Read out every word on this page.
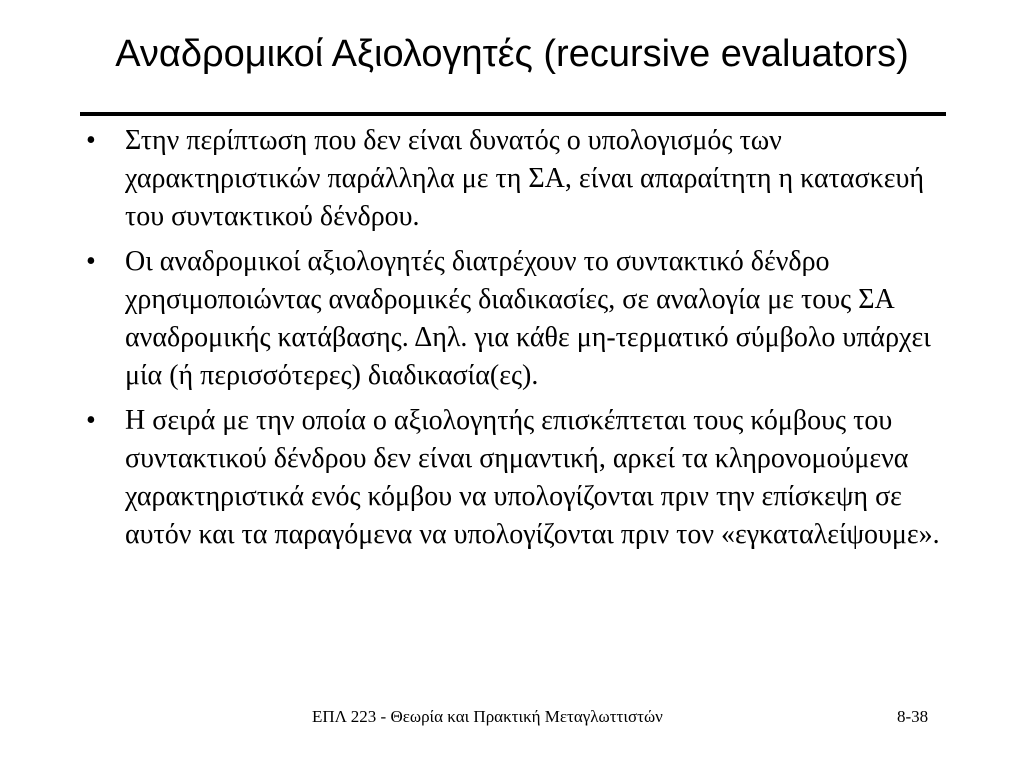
Αναδρομικοί Αξιολογητές (recursive evaluators)
• Στην περίπτωση που δεν είναι δυνατός ο υπολογισμός των χαρακτηριστικών παράλληλα με τη ΣΑ, είναι απαραίτητη η κατασκευή του συντακτικού δένδρου.
• Οι αναδρομικοί αξιολογητές διατρέχουν το συντακτικό δένδρο χρησιμοποιώντας αναδρομικές διαδικασίες, σε αναλογία με τους ΣΑ αναδρομικής κατάβασης. Δηλ. για κάθε μη-τερματικό σύμβολο υπάρχει μία (ή περισσότερες) διαδικασία(ες).
• Η σειρά με την οποία ο αξιολογητής επισκέπτεται τους κόμβους του συντακτικού δένδρου δεν είναι σημαντική, αρκεί τα κληρονομούμενα χαρακτηριστικά ενός κόμβου να υπολογίζονται πριν την επίσκεψη σε αυτόν και τα παραγόμενα να υπολογίζονται πριν τον «εγκαταλείψουμε».
ΕΠΛ 223 - Θεωρία και Πρακτική Μεταγλωττιστών	8-38
